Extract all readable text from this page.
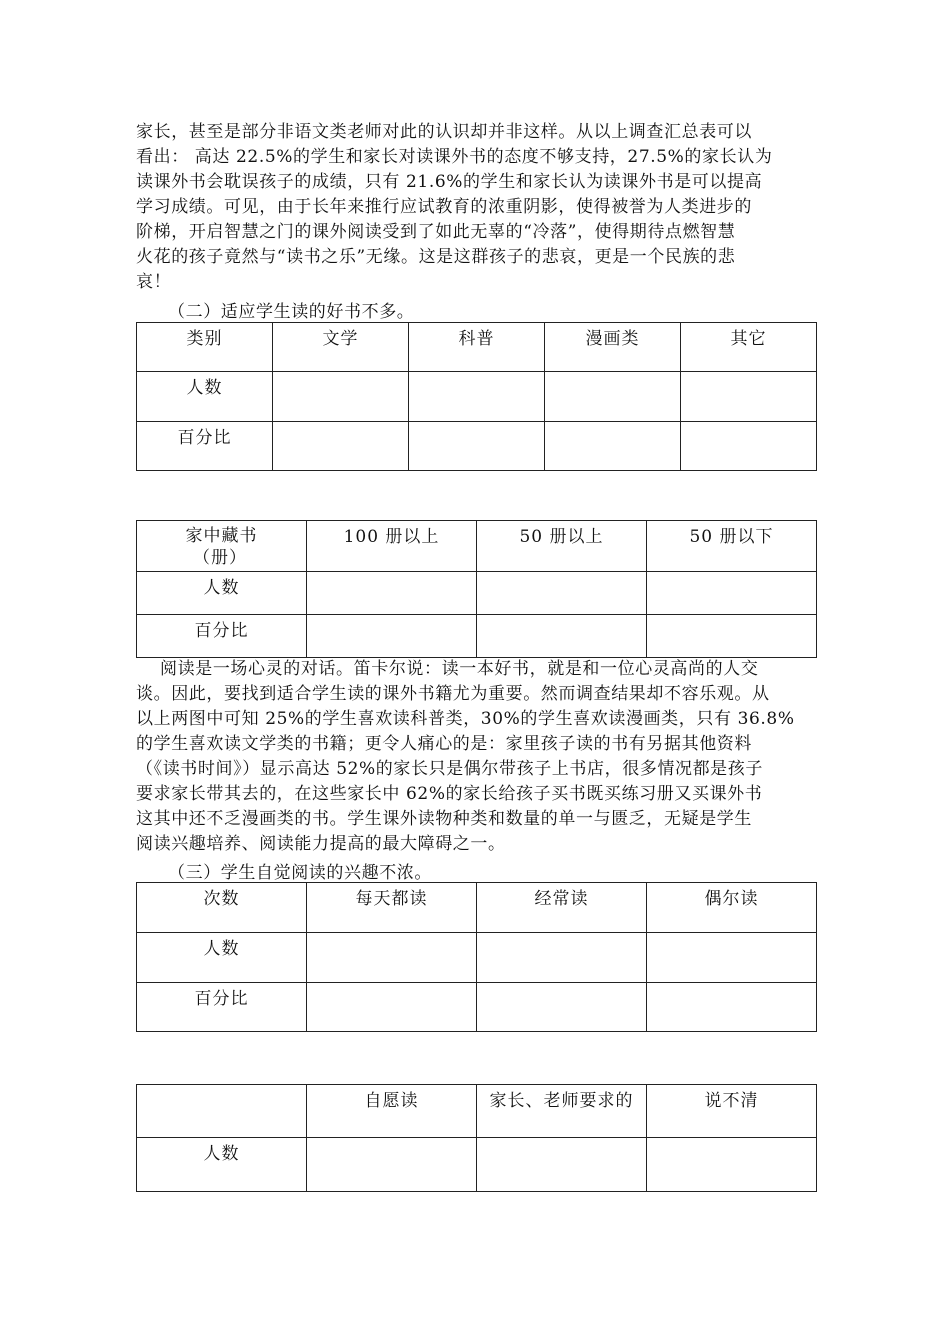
家长，甚至是部分非语文类老师对此的认识却并非这样。从以上调查汇总表可以
看出： 高达 22.5%的学生和家长对读课外书的态度不够支持，27.5%的家长认为
读课外书会耽误孩子的成绩，只有 21.6%的学生和家长认为读课外书是可以提高
学习成绩。可见，由于长年来推行应试教育的浓重阴影，使得被誉为人类进步的
阶梯，开启智慧之门的课外阅读受到了如此无辜的“冷落”，使得期待点燃智慧
火花的孩子竟然与“读书之乐”无缘。这是这群孩子的悲哀，更是一个民族的悲
哀！

（二）适应学生读的好书不多。

类别	文学	科普	漫画类	其它
人数				
百分比				
家中藏书
（册）	100 册以上	50 册以上	50 册以下
人数			
百分比			
阅读是一场心灵的对话。笛卡尔说：读一本好书，就是和一位心灵高尚的人交
谈。因此，要找到适合学生读的课外书籍尤为重要。然而调查结果却不容乐观。从
以上两图中可知 25%的学生喜欢读科普类，30%的学生喜欢读漫画类，只有 36.8%
的学生喜欢读文学类的书籍；更令人痛心的是：家里孩子读的书有另据其他资料
（《读书时间》）显示高达 52%的家长只是偶尔带孩子上书店，很多情况都是孩子
要求家长带其去的，在这些家长中 62%的家长给孩子买书既买练习册又买课外书
这其中还不乏漫画类的书。学生课外读物种类和数量的单一与匮乏，无疑是学生
阅读兴趣培养、阅读能力提高的最大障碍之一。

（三）学生自觉阅读的兴趣不浓。

次数	每天都读	经常读	偶尔读
人数			
百分比			
	自愿读	家长、老师要求的	说不清
人数			
